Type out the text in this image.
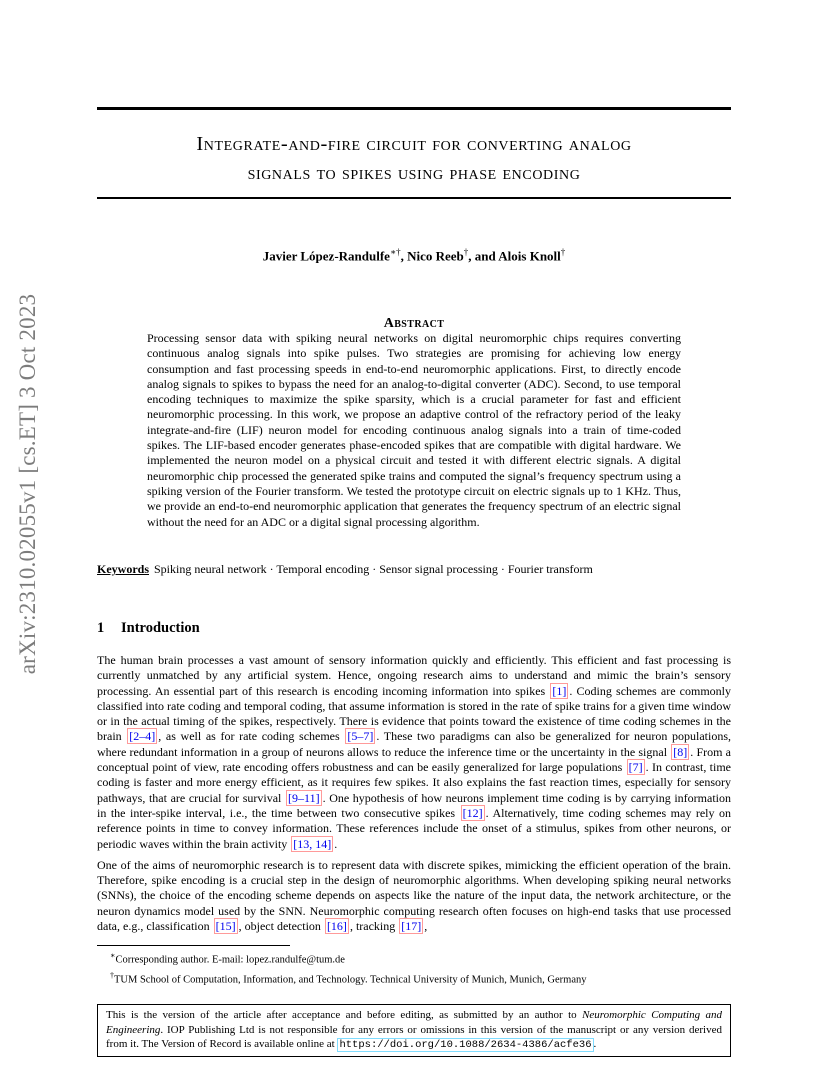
arXiv:2310.02055v1 [cs.ET] 3 Oct 2023
Integrate-and-fire circuit for converting analog
signals to spikes using phase encoding
Javier López-Randulfe∗†, Nico Reeb†, and Alois Knoll†
Abstract
Processing sensor data with spiking neural networks on digital neuromorphic chips requires converting continuous analog signals into spike pulses. Two strategies are promising for achieving low energy consumption and fast processing speeds in end-to-end neuromorphic applications. First, to directly encode analog signals to spikes to bypass the need for an analog-to-digital converter (ADC). Second, to use temporal encoding techniques to maximize the spike sparsity, which is a crucial parameter for fast and efficient neuromorphic processing. In this work, we propose an adaptive control of the refractory period of the leaky integrate-and-fire (LIF) neuron model for encoding continuous analog signals into a train of time-coded spikes. The LIF-based encoder generates phase-encoded spikes that are compatible with digital hardware. We implemented the neuron model on a physical circuit and tested it with different electric signals. A digital neuromorphic chip processed the generated spike trains and computed the signal’s frequency spectrum using a spiking version of the Fourier transform. We tested the prototype circuit on electric signals up to 1 KHz. Thus, we provide an end-to-end neuromorphic application that generates the frequency spectrum of an electric signal without the need for an ADC or a digital signal processing algorithm.
Keywords Spiking neural network · Temporal encoding · Sensor signal processing · Fourier transform
1 Introduction

The human brain processes a vast amount of sensory information quickly and efficiently. This efficient and fast processing is currently unmatched by any artificial system. Hence, ongoing research aims to understand and mimic the brain’s sensory processing. An essential part of this research is encoding incoming information into spikes [1] . Coding schemes are commonly classified into rate coding and temporal coding, that assume information is stored in the rate of spike trains for a given time window or in the actual timing of the spikes, respectively. There is evidence that points toward the existence of time coding schemes in the brain [2–4] , as well as for rate coding schemes [5–7] . These two paradigms can also be generalized for neuron populations, where redundant information in a group of neurons allows to reduce the inference time or the uncertainty in the signal [8] . From a conceptual point of view, rate encoding offers robustness and can be easily generalized for large populations [7] . In contrast, time coding is faster and more energy efficient, as it requires few spikes. It also explains the fast reaction times, especially for sensory pathways, that are crucial for survival [9–11] . One hypothesis of how neurons implement time coding is by carrying information in the inter-spike interval, i.e., the time between two consecutive spikes [12] . Alternatively, time coding schemes may rely on reference points in time to convey information. These references include the onset of a stimulus, spikes from other neurons, or periodic waves within the brain activity [13, 14] .

One of the aims of neuromorphic research is to represent data with discrete spikes, mimicking the efficient operation of the brain. Therefore, spike encoding is a crucial step in the design of neuromorphic algorithms. When developing spiking neural networks (SNNs), the choice of the encoding scheme depends on aspects like the nature of the input data, the network architecture, or the neuron dynamics model used by the SNN. Neuromorphic computing research often focuses on high-end tasks that use processed data, e.g., classification [15] , object detection [16] , tracking [17] ,

∗Corresponding author. E-mail: lopez.randulfe@tum.de
†TUM School of Computation, Information, and Technology. Technical University of Munich, Munich, Germany
This is the version of the article after acceptance and before editing, as submitted by an author to Neuromorphic Computing and Engineering. IOP Publishing Ltd is not responsible for any errors or omissions in this version of the manuscript or any version derived from it. The Version of Record is available online at https://doi.org/10.1088/2634-4386/acfe36 .
